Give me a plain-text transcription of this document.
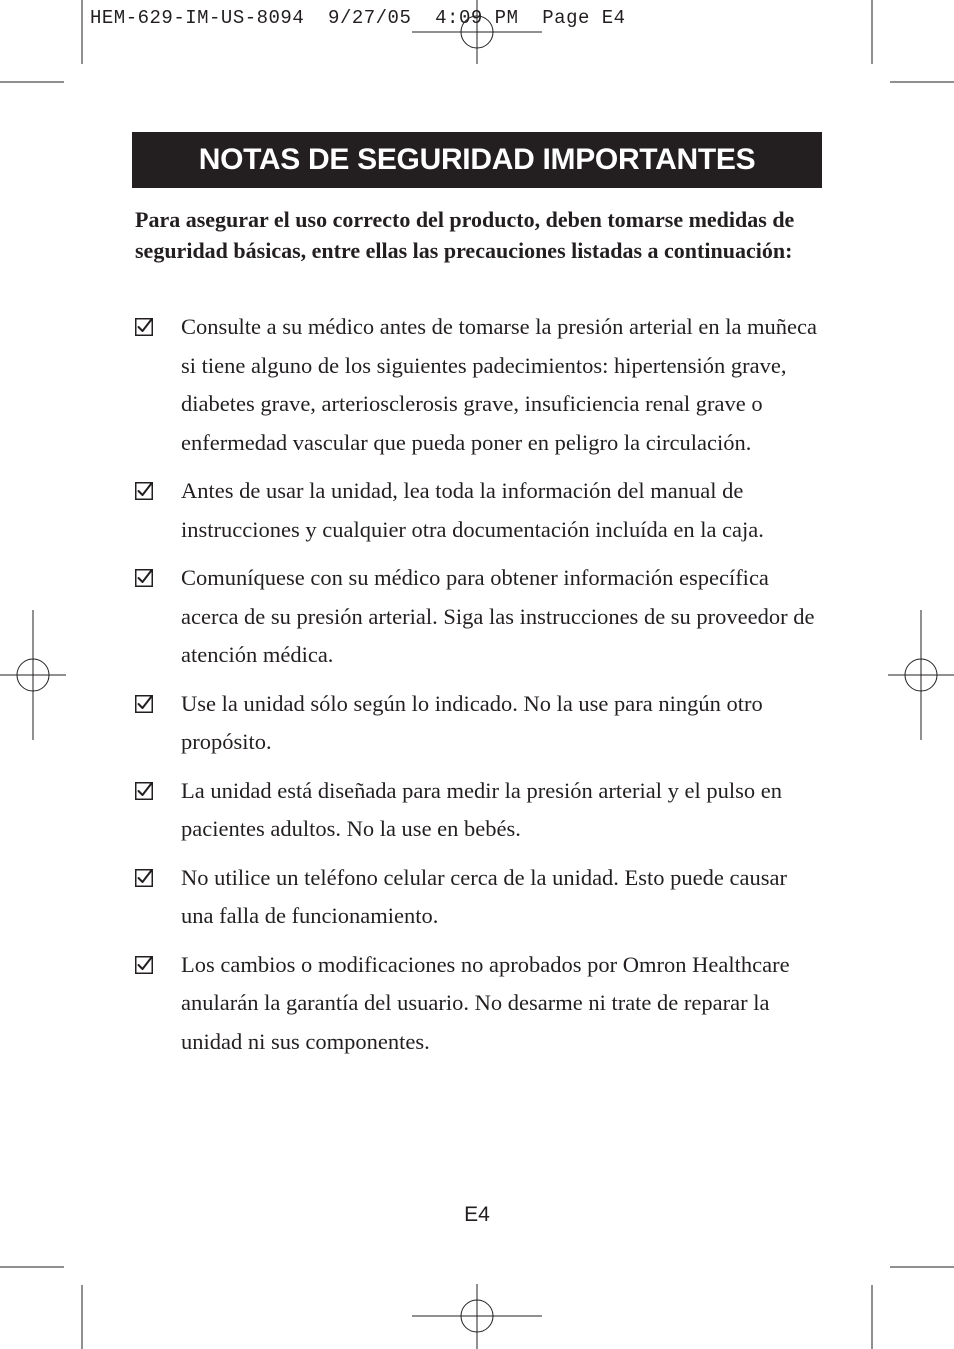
HEM-629-IM-US-8094  9/27/05  4:09 PM  Page E4
NOTAS DE SEGURIDAD IMPORTANTES
Para asegurar el uso correcto del producto, deben tomarse medidas de seguridad básicas, entre ellas las precauciones listadas a continuación:
Consulte a su médico antes de tomarse la presión arterial en la muñeca si tiene alguno de los siguientes padecimientos: hipertensión grave, diabetes grave, arteriosclerosis grave, insuficiencia renal grave o enfermedad vascular que pueda poner en peligro la circulación.
Antes de usar la unidad, lea toda la información del manual de instrucciones y cualquier otra documentación incluída en la caja.
Comuníquese con su médico para obtener información específica acerca de su presión arterial. Siga las instrucciones de su proveedor de atención médica.
Use la unidad sólo según lo indicado. No la use para ningún otro propósito.
La unidad está diseñada para medir la presión arterial y el pulso en pacientes adultos. No la use en bebés.
No utilice un teléfono celular cerca de la unidad. Esto puede causar una falla de funcionamiento.
Los cambios o modificaciones no aprobados por Omron Healthcare anularán la garantía del usuario. No desarme ni trate de reparar la unidad ni sus componentes.
E4
